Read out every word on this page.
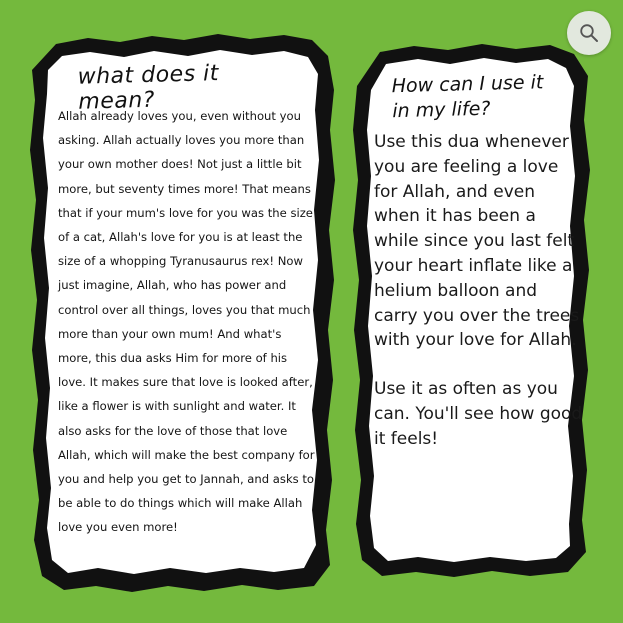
what does it mean?
Allah already loves you, even without you asking. Allah actually loves you more than your own mother does! Not just a little bit more, but seventy times more! That means that if your mum's love for you was the size of a cat, Allah's love for you is at least the size of a whopping Tyranusaurus rex! Now just imagine, Allah, who has power and control over all things, loves you that much more than your own mum! And what's more, this dua asks Him for more of his love. It makes sure that love is looked after, like a flower is with sunlight and water. It also asks for the love of those that love Allah, which will make the best company for you and help you get to Jannah, and asks to be able to do things which will make Allah love you even more!
How can I use it in my life?

Use this dua whenever you are feeling a love for Allah, and even when it has been a while since you last felt your heart inflate like a helium balloon and carry you over the trees with your love for Allah.

Use it as often as you can. You'll see how good it feels!
